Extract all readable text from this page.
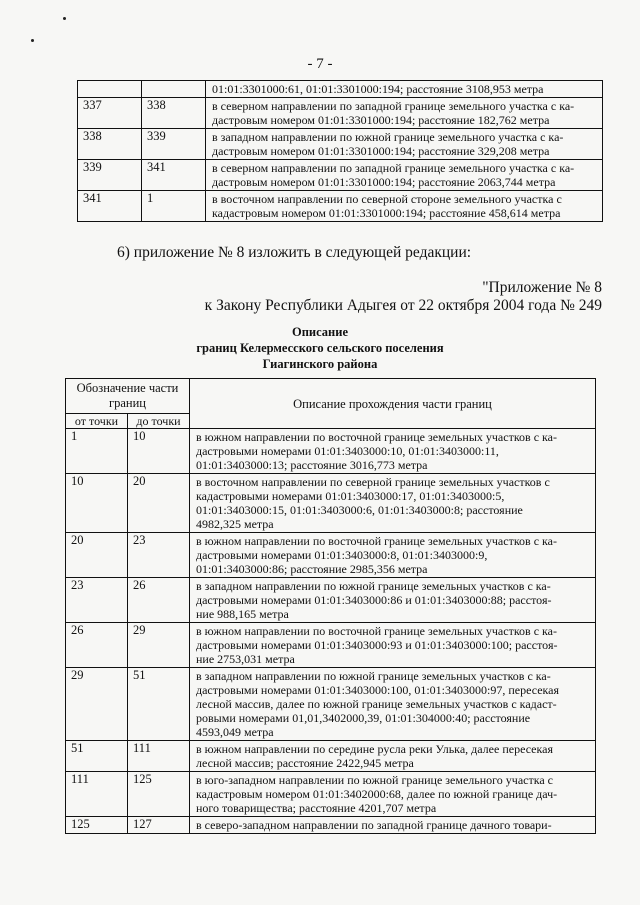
- 7 -
		01:01:3301000:61, 01:01:3301000:194; расстояние 3108,953 метра
337	338	в северном направлении по западной границе земельного участка с ка-
дастровым номером 01:01:3301000:194; расстояние 182,762 метра

338	339	в западном направлении по южной границе земельного участка с ка-
дастровым номером 01:01:3301000:194; расстояние 329,208 метра

339	341	в северном направлении по западной границе земельного участка с ка-
дастровым номером 01:01:3301000:194; расстояние 2063,744 метра

341	1	в восточном направлении по северной стороне земельного участка с
кадастровым номером 01:01:3301000:194; расстояние 458,614 метра
6) приложение № 8 изложить в следующей редакции:
"Приложение № 8
к Закону Республики Адыгея от 22 октября 2004 года № 249
Описание
границ Келермесского сельского поселения
Гиагинского района
Обозначение части границ		Описание прохождения части границ
от точки	до точки	
1	10	в южном направлении по восточной границе земельных участков с ка-
дастровыми номерами 01:01:3403000:10, 01:01:3403000:11,
01:01:3403000:13; расстояние 3016,773 метра

10	20	в восточном направлении по северной границе земельных участков с
кадастровыми номерами 01:01:3403000:17, 01:01:3403000:5,
01:01:3403000:15, 01:01:3403000:6, 01:01:3403000:8; расстояние
4982,325 метра

20	23	в южном направлении по восточной границе земельных участков с ка-
дастровыми номерами 01:01:3403000:8, 01:01:3403000:9,
01:01:3403000:86; расстояние 2985,356 метра

23	26	в западном направлении по южной границе земельных участков с ка-
дастровыми номерами 01:01:3403000:86 и 01:01:3403000:88; расстоя-
ние 988,165 метра

26	29	в южном направлении по восточной границе земельных участков с ка-
дастровыми номерами 01:01:3403000:93 и 01:01:3403000:100; расстоя-
ние 2753,031 метра

29	51	в западном направлении по южной границе земельных участков с ка-
дастровыми номерами 01:01:3403000:100, 01:01:3403000:97, пересекая
лесной массив, далее по южной границе земельных участков с кадаст-
ровыми номерами 01,01,3402000,39, 01:01:304000:40; расстояние
4593,049 метра

51	111	в южном направлении по середине русла реки Улька, далее пересекая
лесной массив; расстояние 2422,945 метра

111	125	в юго-западном направлении по южной границе земельного участка с
кадастровым номером 01:01:3402000:68, далее по южной границе дач-
ного товарищества; расстояние 4201,707 метра

125	127	в северо-западном направлении по западной границе дачного товари-
